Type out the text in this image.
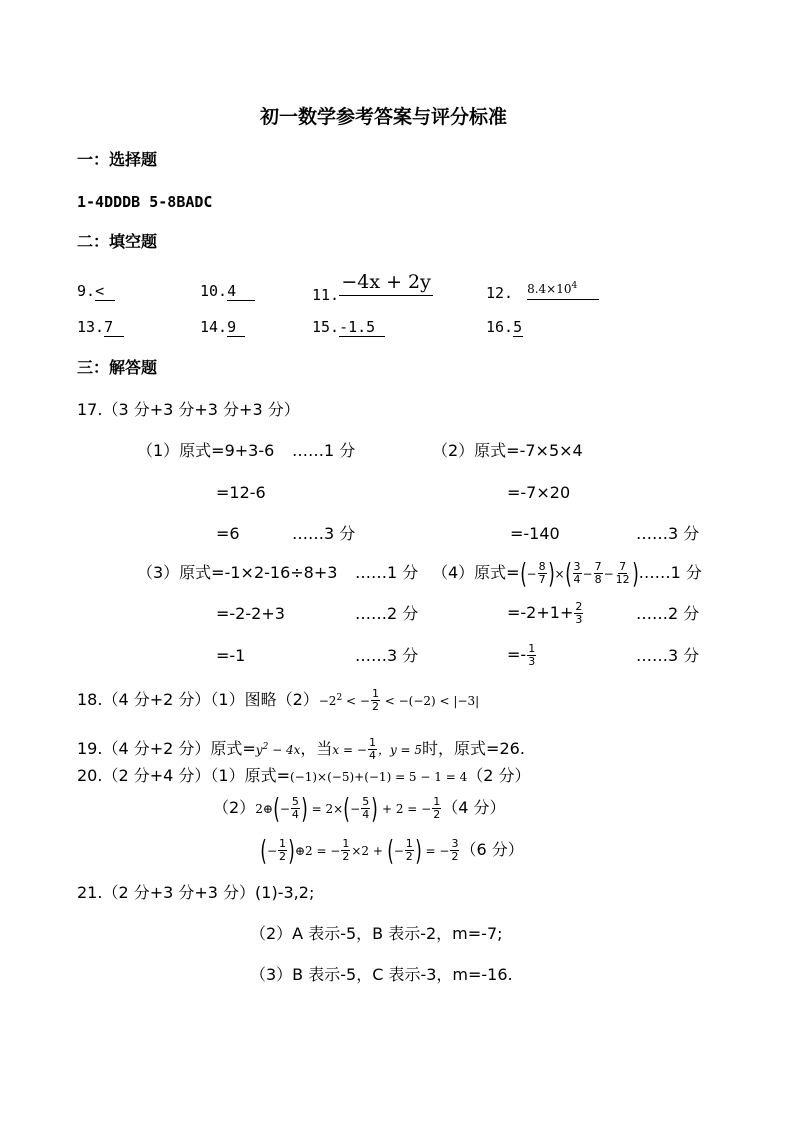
初一数学参考答案与评分标准
一：选择题
1-4DDDB 5-8BADC
二：填空题
9.<	10.4	11.−4x + 2y	12. $8.4\times 10^4$
13.7	14.9	15.-1.5	16.5
三：解答题
17.（3 分+3 分+3 分+3 分）
（1）原式=9+3-6 ……1 分	（2）原式=-7×5×4
=12-6	=-7×20
=6	……3 分	=-140	……3 分
（3）原式=-1×2-16÷8+3 ……1 分 （4）原式=(− $\frac{8}{7}$ )×( $\frac{3}{4} - \frac{7}{8} - \frac{7}{12}$ )……1 分
=-2-2+3	……2 分	$=-2+1+ \frac{2}{3}$	……2 分
=-1	……3 分	=- $\frac{1}{3}$	……3 分
18.（4 分+2 分）（1）图略$(2)-2^2$ < − $\frac{1}{2} < -(-2) < |-3|$
19.（4 分+2 分）原式$=y^2 - 4x$，当x = − $\frac{1}{4}$ ，y = 5时，原式=26.
20.（2 分+4 分）（1）原式=(−1)×(−5)+(−1) = 5 − 1 = 4（2 分）
（2）2⊕(− $\frac{5}{4}$ ) = $2\times(- \frac{5}{4}$ ) + 2 = − $\frac{1}{2} (4$ 分）
(− $\frac{1}{2}$ )⊕2 = − $\frac{1}{2} \times 2$ + (− $\frac{1}{2}$ ) = − $\frac{3}{2} (6$ 分）
21.（2 分+3 分+3 分）(1)-3,2;
（2）A 表示-5，B 表示-2，m=-7;
（3）B 表示-5，C 表示-3，m=-16.
